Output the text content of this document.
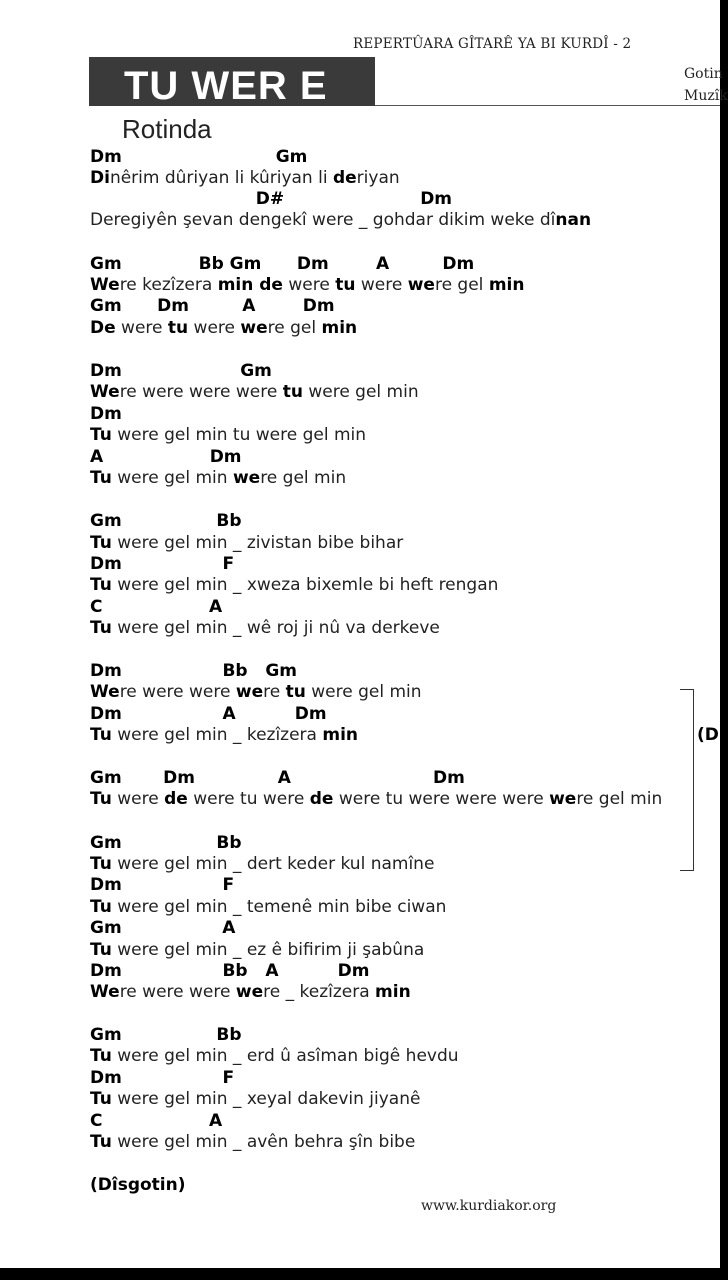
REPERTÛARA GÎTARÊ YA BI KURDÎ - 2
TU WER E	Gotin
Muzîk
Rotinda
Dm                          Gm
Dinêrim dûriyan li kûriyan li deriyan
D#                       Dm
Deregiyên şevan dengekî were _ gohdar dikim weke dînan
Gm             Bb Gm      Dm        A         Dm
Were kezîzera min de were tu were were gel min
Gm      Dm         A        Dm
De were tu were were gel min
Dm                    Gm
Were were were were tu were gel min
Dm
Tu were gel min tu were gel min
A                  Dm
Tu were gel min were gel min
Gm                Bb
Tu were gel min _ zivistan bibe bihar
Dm                 F
Tu were gel min _ xweza bixemle bi heft rengan
C                  A
Tu were gel min _ wê roj ji nû va derkeve
Dm                 Bb   Gm
Were were were were tu were gel min
Dm                 A          Dm
Tu were gel min _ kezîzera min
Gm       Dm              A                        Dm
Tu were de were tu were de were tu were were were were gel min
Gm                Bb
Tu were gel min _ dert keder kul namîne
Dm                 F
Tu were gel min _ temenê min bibe ciwan
Gm                 A
Tu were gel min _ ez ê bifirim ji şabûna
Dm                 Bb   A          Dm
Were were were were _ kezîzera min
Gm                Bb
Tu were gel min _ erd û asîman bigê hevdu
Dm                 F
Tu were gel min _ xeyal dakevin jiyanê
C                  A
Tu were gel min _ avên behra şîn bibe
(Dîsgotin)
(D
www.kurdiakor.org
